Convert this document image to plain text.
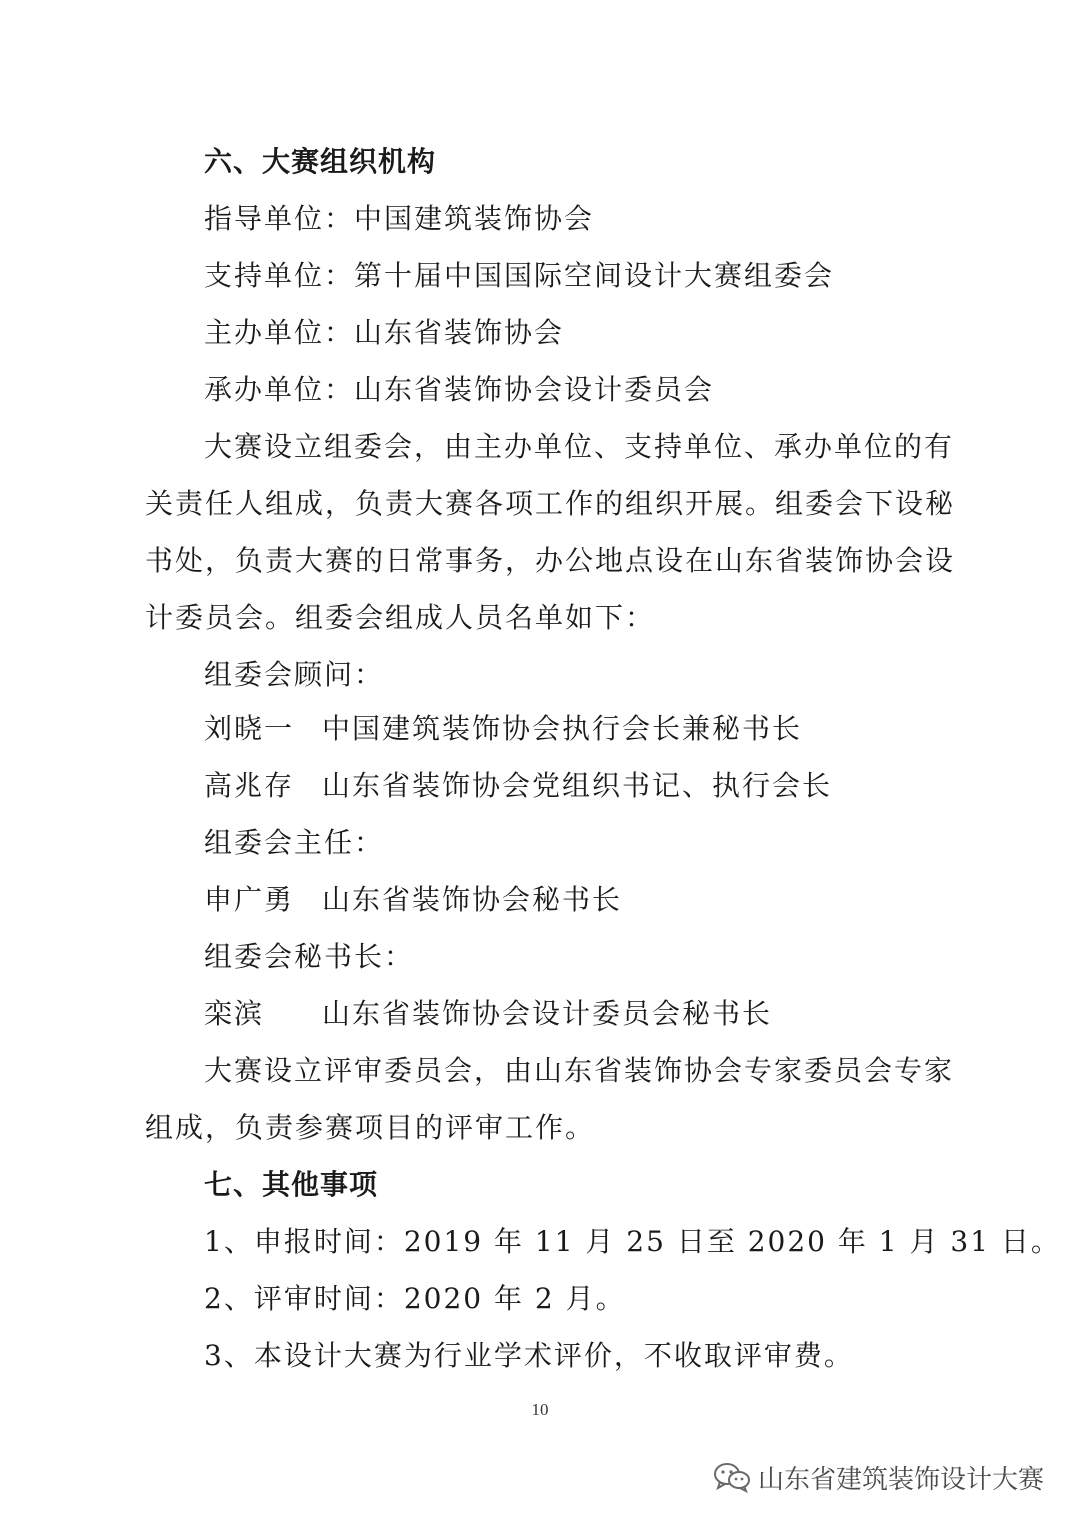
六、大赛组织机构
指导单位：中国建筑装饰协会
支持单位：第十届中国国际空间设计大赛组委会
主办单位：山东省装饰协会
承办单位：山东省装饰协会设计委员会
大赛设立组委会，由主办单位、支持单位、承办单位的有
关责任人组成，负责大赛各项工作的组织开展。组委会下设秘
书处，负责大赛的日常事务，办公地点设在山东省装饰协会设
计委员会。组委会组成人员名单如下：
组委会顾问：
刘晓一 中国建筑装饰协会执行会长兼秘书长
高兆存 山东省装饰协会党组织书记、执行会长
组委会主任：
申广勇 山东省装饰协会秘书长
组委会秘书长：
栾滨 山东省装饰协会设计委员会秘书长
大赛设立评审委员会，由山东省装饰协会专家委员会专家
组成，负责参赛项目的评审工作。
七、其他事项
1、申报时间：2019 年 11 月 25 日至 2020 年 1 月 31 日。
2、评审时间：2020 年 2 月。
3、本设计大赛为行业学术评价，不收取评审费。
10
山东省建筑装饰设计大赛
